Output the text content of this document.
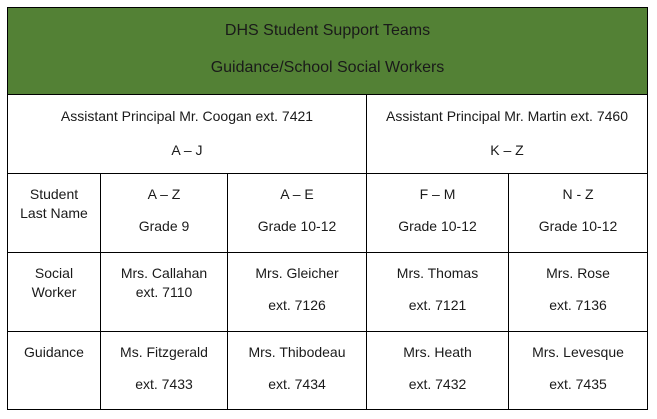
DHS Student Support Teams
Guidance/School Social Workers
Assistant Principal Mr. Coogan ext. 7421
A – J
Assistant Principal Mr. Martin ext. 7460
K – Z
Student
Last Name
A – Z
Grade 9
A – E
Grade 10-12
F – M
Grade 10-12
N - Z
Grade 10-12
Social
Worker
Mrs. Callahan
ext. 7110
Mrs. Gleicher
ext. 7126
Mrs. Thomas
ext. 7121
Mrs. Rose
ext. 7136
Guidance	Ms. Fitzgerald
ext. 7433
Mrs. Thibodeau
ext. 7434
Mrs. Heath
ext. 7432
Mrs. Levesque
ext. 7435
